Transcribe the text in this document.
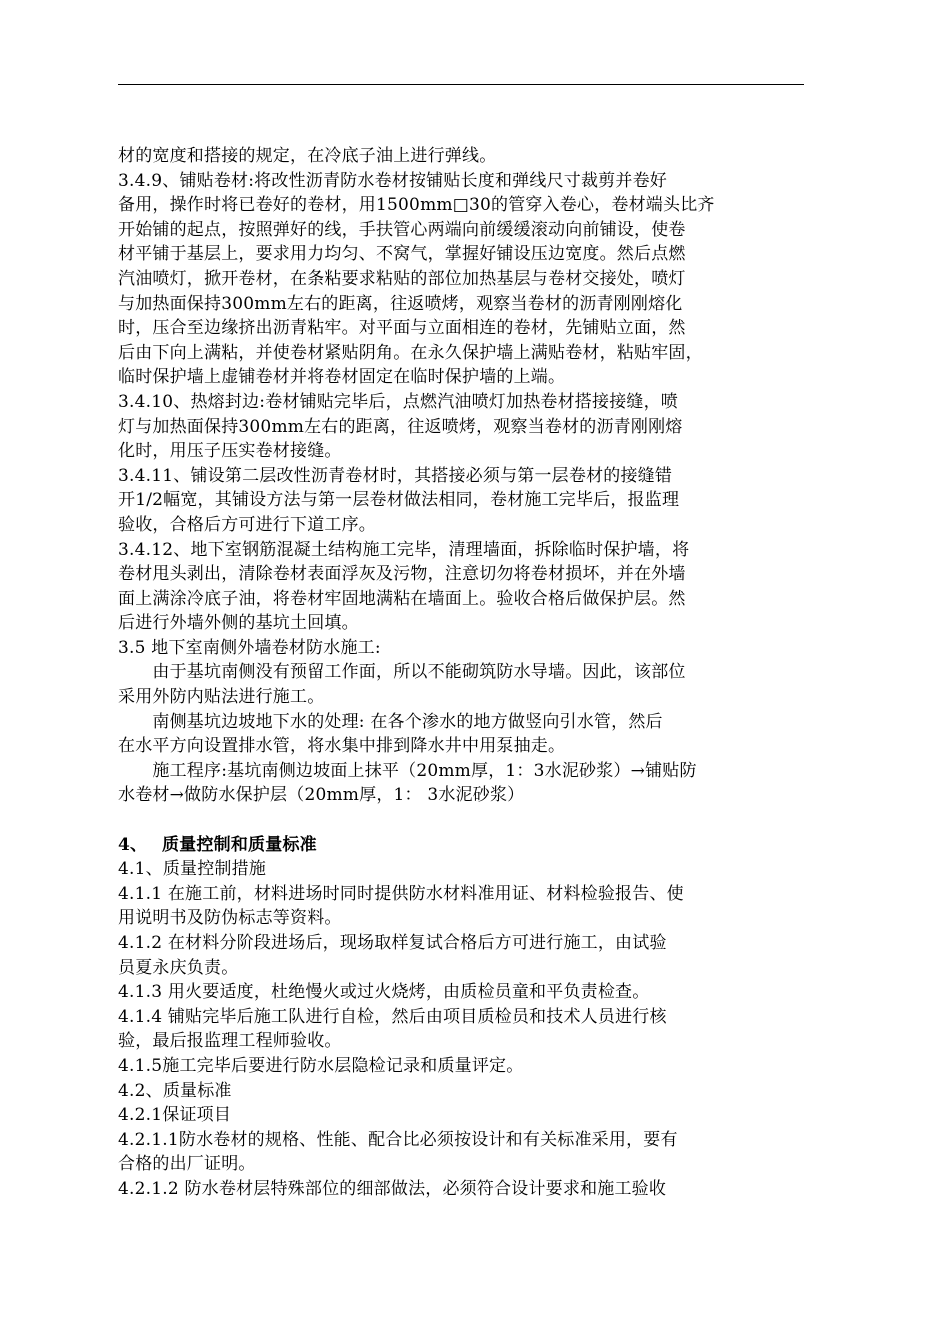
材的宽度和搭接的规定，在冷底子油上进行弹线。
3.4.9、铺贴卷材:将改性沥青防水卷材按铺贴长度和弹线尺寸裁剪并卷好
备用，操作时将已卷好的卷材，用1500mm□30的管穿入卷心，卷材端头比齐
开始铺的起点，按照弹好的线，手扶管心两端向前缓缓滚动向前铺设，使卷
材平铺于基层上，要求用力均匀、不窝气，掌握好铺设压边宽度。然后点燃
汽油喷灯，掀开卷材，在条粘要求粘贴的部位加热基层与卷材交接处，喷灯
与加热面保持300mm左右的距离，往返喷烤，观察当卷材的沥青刚刚熔化
时，压合至边缘挤出沥青粘牢。对平面与立面相连的卷材，先铺贴立面，然
后由下向上满粘，并使卷材紧贴阴角。在永久保护墙上满贴卷材，粘贴牢固，
临时保护墙上虚铺卷材并将卷材固定在临时保护墙的上端。
3.4.10、热熔封边:卷材铺贴完毕后，点燃汽油喷灯加热卷材搭接接缝，喷
灯与加热面保持300mm左右的距离，往返喷烤，观察当卷材的沥青刚刚熔
化时，用压子压实卷材接缝。
3.4.11、铺设第二层改性沥青卷材时，其搭接必须与第一层卷材的接缝错
开1/2幅宽，其铺设方法与第一层卷材做法相同，卷材施工完毕后，报监理
验收，合格后方可进行下道工序。
3.4.12、地下室钢筋混凝土结构施工完毕，清理墙面，拆除临时保护墙，将
卷材甩头剥出，清除卷材表面浮灰及污物，注意切勿将卷材损坏，并在外墙
面上满涂冷底子油，将卷材牢固地满粘在墙面上。验收合格后做保护层。然
后进行外墙外侧的基坑土回填。
3.5 地下室南侧外墙卷材防水施工:
　　由于基坑南侧没有预留工作面，所以不能砌筑防水导墙。因此，该部位
采用外防内贴法进行施工。
　　南侧基坑边坡地下水的处理: 在各个渗水的地方做竖向引水管，然后
在水平方向设置排水管，将水集中排到降水井中用泵抽走。
　　施工程序:基坑南侧边坡面上抹平（20mm厚，1：3水泥砂浆）→铺贴防
水卷材→做防水保护层（20mm厚，1： 3水泥砂浆）
4、　 质量控制和质量标准
4.1、质量控制措施
4.1.1 在施工前，材料进场时同时提供防水材料准用证、材料检验报告、使
用说明书及防伪标志等资料。
4.1.2 在材料分阶段进场后，现场取样复试合格后方可进行施工，由试验
员夏永庆负责。
4.1.3 用火要适度，杜绝慢火或过火烧烤，由质检员童和平负责检查。
4.1.4 铺贴完毕后施工队进行自检，然后由项目质检员和技术人员进行核
验，最后报监理工程师验收。
4.1.5施工完毕后要进行防水层隐检记录和质量评定。
4.2、质量标准
4.2.1保证项目
4.2.1.1防水卷材的规格、性能、配合比必须按设计和有关标准采用，要有
合格的出厂证明。
4.2.1.2 防水卷材层特殊部位的细部做法，必须符合设计要求和施工验收
